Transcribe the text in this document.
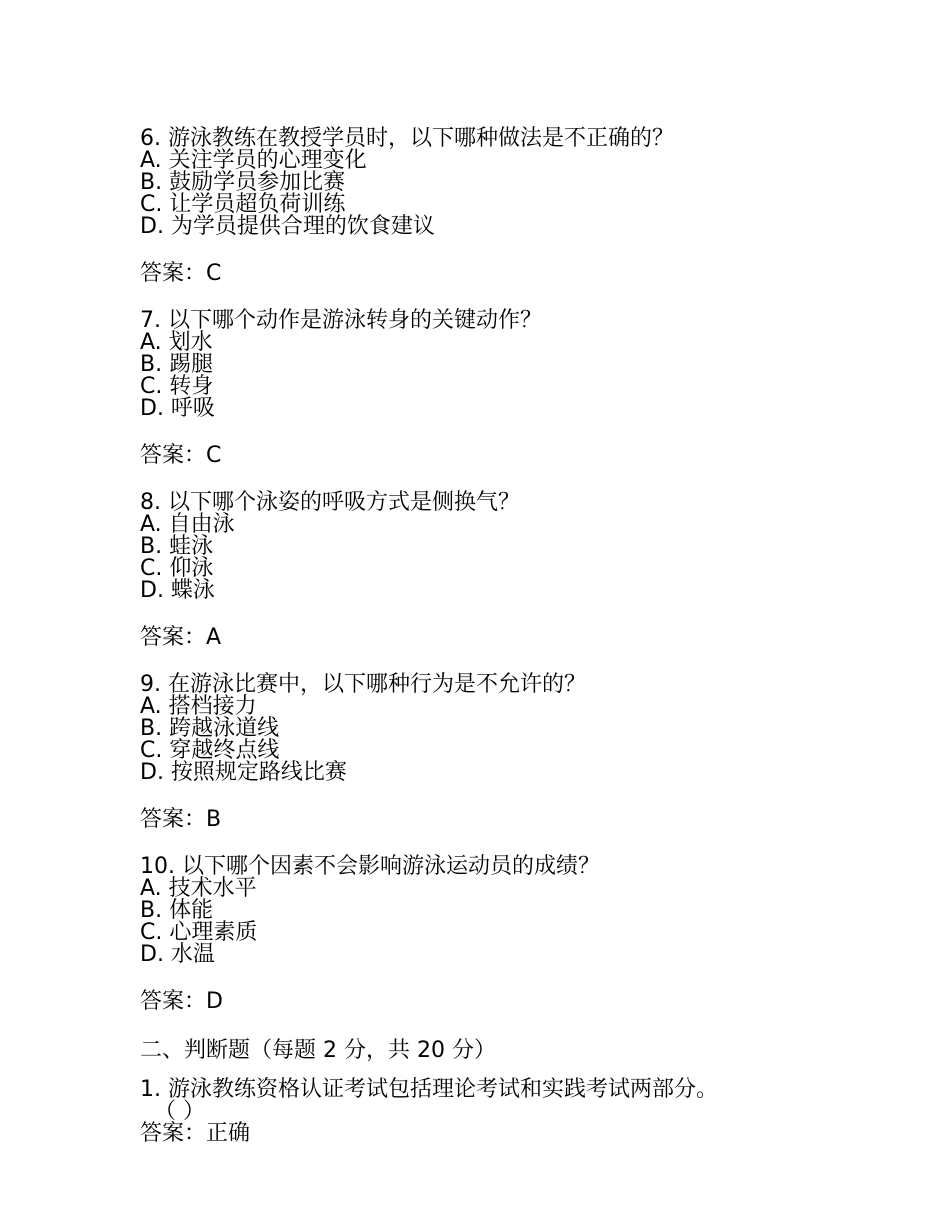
6. 游泳教练在教授学员时，以下哪种做法是不正确的？

A. 关注学员的心理变化

B. 鼓励学员参加比赛

C. 让学员超负荷训练

D. 为学员提供合理的饮食建议

答案：C

7. 以下哪个动作是游泳转身的关键动作？

A. 划水

B. 踢腿

C. 转身

D. 呼吸

答案：C

8. 以下哪个泳姿的呼吸方式是侧换气？

A. 自由泳

B. 蛙泳

C. 仰泳

D. 蝶泳

答案：A

9. 在游泳比赛中，以下哪种行为是不允许的？

A. 搭档接力

B. 跨越泳道线

C. 穿越终点线

D. 按照规定路线比赛

答案：B

10. 以下哪个因素不会影响游泳运动员的成绩？

A. 技术水平

B. 体能

C. 心理素质

D. 水温

答案：D

二、判断题（每题 2 分，共 20 分）

1. 游泳教练资格认证考试包括理论考试和实践考试两部分。

（ ）

答案：正确
